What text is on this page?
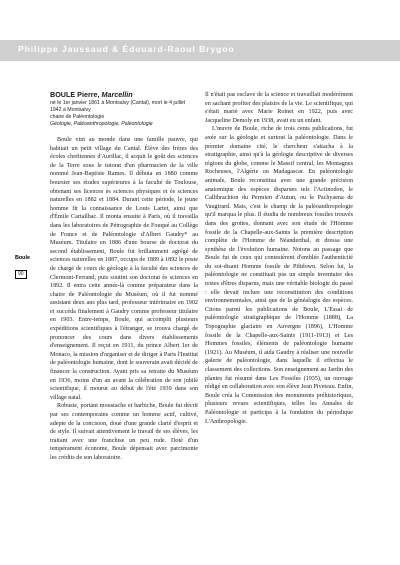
Philippe Jaussaud & Édouard-Raoul Brygoo
Boule
90
BOULE Pierre, Marcellin
né le 1er janvier 1861 à Montsalvy (Cantal), mort le 4 juillet 1942 à Montsalvy
chaire de Paléontologie
Géologie, Paléoanthropologie, Paléontologie

Boule vint au monde dans une famille pauvre, qui habitait un petit village du Cantal. Élève des frères des écoles chrétiennes d'Aurillac, il acquit le goût des sciences de la Terre sous le tutorat d'un pharmacien de la ville nommé Jean-Baptiste Rames. Il débuta en 1880 comme boursier ses études supérieures à la faculté de Toulouse, obtenant ses licences ès sciences physiques et ès sciences naturelles en 1882 et 1884. Durant cette période, le jeune homme fit la connaissance de Louis Lartet, ainsi que d'Émile Cartailhac. Il monta ensuite à Paris, où il travailla dans les laboratoires de Pétrographie de Fouqué au Collège de France et de Paléontologie d'Albert Gaudry* au Muséum. Titulaire en 1886 d'une bourse de doctorat du second établissement, Boule fut brillamment agrégé de sciences naturelles en 1887, occupa de 1889 à 1892 le poste de chargé de cours de géologie à la faculté des sciences de Clermont-Ferrand, puis soutint son doctorat ès sciences en 1892. Il entra cette année-là comme préparateur dans la chaire de Paléontologie du Muséum, où il fut nommé assistant deux ans plus tard, professeur intérimaire en 1902 et succéda finalement à Gaudry comme professeur titulaire en 1903. Entre-temps, Boule, qui accomplit plusieurs expéditions scientifiques à l'étranger, se trouva chargé de prononcer des cours dans divers établissements d'enseignement. Il reçut en 1911, du prince Albert 1er de Monaco, la mission d'organiser et de diriger à Paris l'Institut de paléontologie humaine, dont le souverain avait décidé de financer la construction. Ayant pris sa retraite du Muséum en 1936, moins d'un an avant la célébration de son jubilé scientifique, il mourut au début de l'été 1939 dans son village natal.

Robuste, portant moustache et barbiche, Boule fut décrit par ses contemporains comme un homme actif, cultivé, adepte de la concision, doué d'une grande clarté d'esprit et de style. Il suivait attentivement le travail de ses élèves, les traitant avec une franchise un peu rude. Doté d'un tempérament économe, Boule dépensait avec parcimonie les crédits de son laboratoire.

Il n'était pas esclave de la science et travaillait modérément en sachant profiter des plaisirs de la vie. Le scientifique, qui s'était marié avec Marie Roinet en 1922, puis avec Jacqueline Demoly en 1938, avait eu un enfant.

L'œuvre de Boule, riche de trois cents publications, fut axée sur la géologie et surtout la paléontologie. Dans le premier domaine cité, le chercheur s'attacha à la stratigraphie, ainsi qu'à la géologie descriptive de diverses régions du globe, comme le Massif central, les Montagnes Rocheuses, l'Algérie ou Madagascar. En paléontologie animale, Boule reconstitua avec une grande précision anatomique des espèces disparues tels l'Actinodon, le Callibrachion du Permien d'Autun, ou le Pachyaena de Vaugirard. Mais, c'est le champ de la paléoanthropologie qu'il marqua le plus. Il étudia de nombreux fossiles trouvés dans des grottes, donnant avec son étude de l'Homme fossile de la Chapelle-aux-Saints la première description complète de l'Homme de Néanderthal, et dressa une synthèse de l'évolution humaine. Notons au passage que Boule fut de ceux qui contestèrent d'emblée l'authenticité du soi-disant Homme fossile de Piltdown. Selon lui, la paléontologie ne constituait pas un simple inventaire des restes d'êtres disparus, mais une véritable biologie du passé : elle devait inclure une reconstitution des conditions environnementales, ainsi que de la généalogie des espèces. Citons parmi les publications de Boule, L'Essai de paléontologie stratigraphique de l'Homme (1888), La Topographie glaciaire en Auvergne (1896), L'Homme fossile de la Chapelle-aux-Saints (1911-1913) et Les Hommes fossiles, éléments de paléontologie humaine (1921). Au Muséum, il aida Gaudry à réaliser une nouvelle galerie de paléontologie, dans laquelle il effectua le classement des collections. Son enseignement au Jardin des plantes fut résumé dans Les Fossiles (1935), un ouvrage rédigé en collaboration avec son élève Jean Piveteau. Enfin, Boule créa la Commission des monuments préhistoriques, plusieurs revues scientifiques, telles les Annales de Paléontologie et participa à la fondation du périodique L'Anthropologie.
